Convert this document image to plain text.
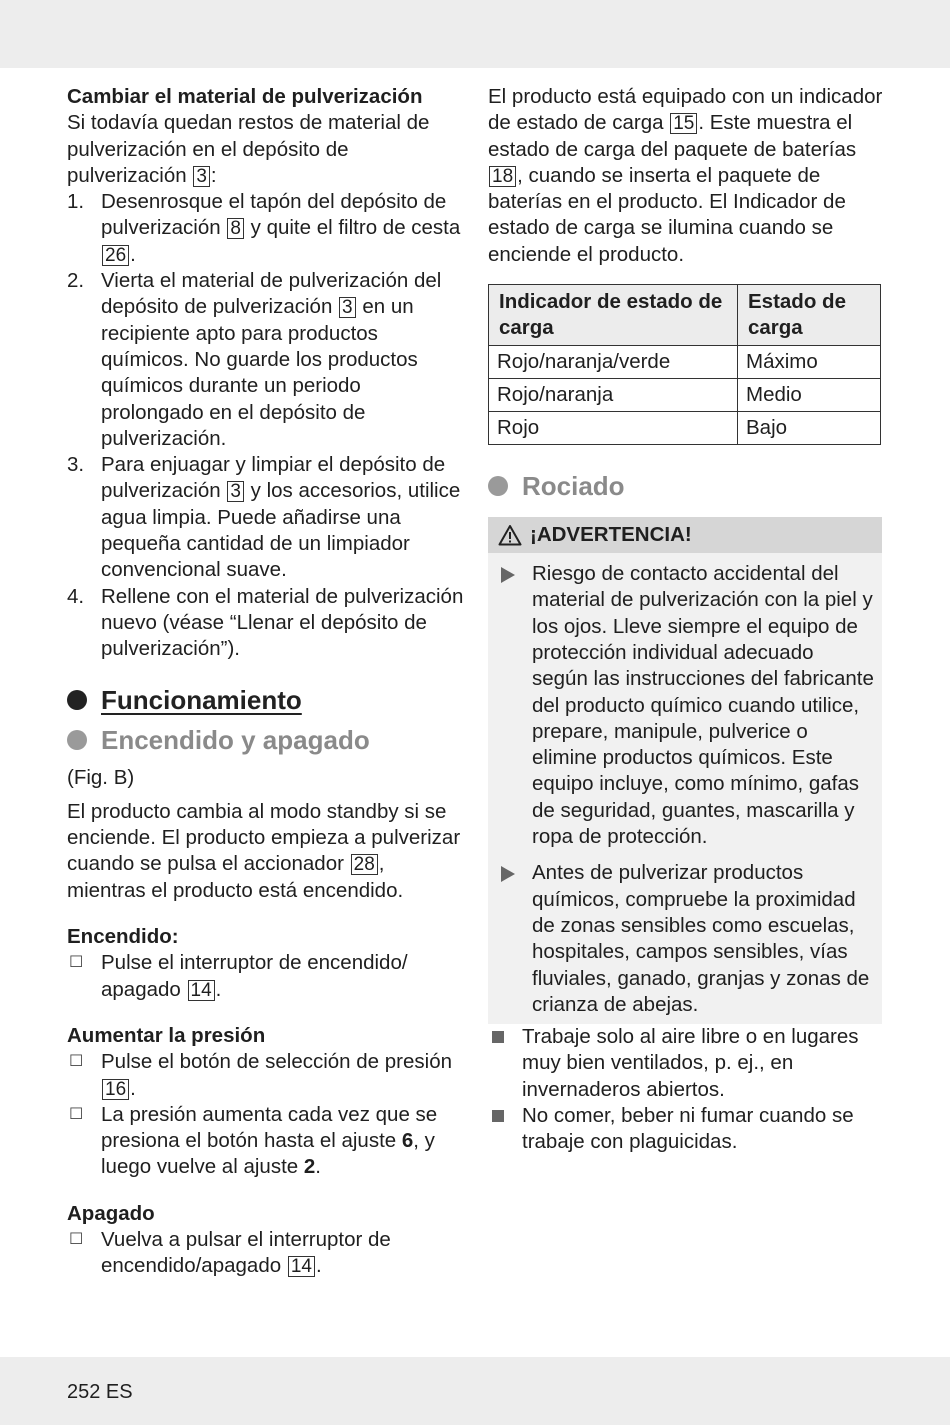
Cambiar el material de pulverización

Si todavía quedan restos de material de pulverización en el depósito de pulverización 3 :

1. Desenrosque el tapón del depósito de pulverización 8 y quite el filtro de cesta 26 .
2. Vierta el material de pulverización del depósito de pulverización 3 en un recipiente apto para productos químicos. No guarde los productos químicos durante un periodo prolongado en el depósito de pulverización.
3. Para enjuagar y limpiar el depósito de pulverización 3 y los accesorios, utilice agua limpia. Puede añadirse una pequeña cantidad de un limpiador convencional suave.
4. Rellene con el material de pulverización nuevo (véase “Llenar el depósito de pulverización”).
Funcionamiento
Encendido y apagado

(Fig. B)

El producto cambia al modo standby si se enciende. El producto empieza a pulverizar cuando se pulsa el accionador 28 , mientras el producto está encendido.

Encendido:

☐ Pulse el interruptor de encendido/ apagado 14 .

Aumentar la presión

☐ Pulse el botón de selección de presión 16 .
☐ La presión aumenta cada vez que se presiona el botón hasta el ajuste 6, y luego vuelve al ajuste 2.

Apagado

☐ Vuelva a pulsar el interruptor de encendido/apagado 14 .

El producto está equipado con un indicador de estado de carga 15 . Este muestra el estado de carga del paquete de baterías 18 , cuando se inserta el paquete de baterías en el producto. El Indicador de estado de carga se ilumina cuando se enciende el producto.

Indicador de estado de carga	Estado de carga
Rojo/naranja/verde	Máximo
Rojo/naranja	Medio
Rojo	Bajo
Rociado
¡ADVERTENCIA!
Riesgo de contacto accidental del material de pulverización con la piel y los ojos. Lleve siempre el equipo de protección individual adecuado según las instrucciones del fabricante del producto químico cuando utilice, prepare, manipule, pulverice o elimine productos químicos. Este equipo incluye, como mínimo, gafas de seguridad, guantes, mascarilla y ropa de protección.
Antes de pulverizar productos químicos, compruebe la proximidad de zonas sensibles como escuelas, hospitales, campos sensibles, vías fluviales, ganado, granjas y zonas de crianza de abejas.
Trabaje solo al aire libre o en lugares muy bien ventilados, p. ej., en invernaderos abiertos.
No comer, beber ni fumar cuando se trabaje con plaguicidas.
252 ES
